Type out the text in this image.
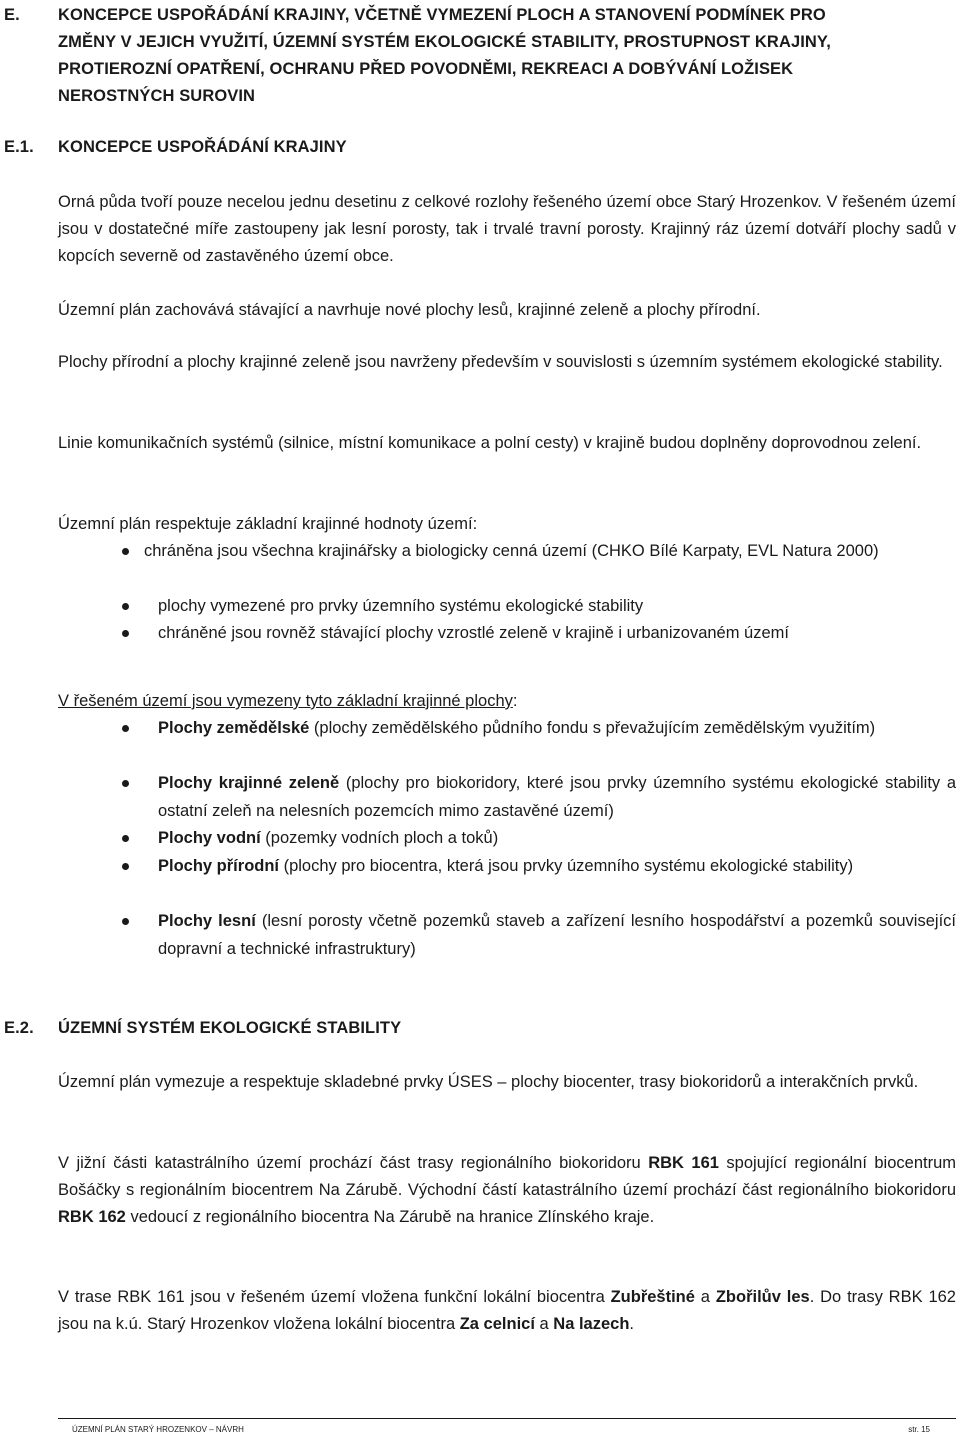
E. KONCEPCE USPOŘÁDÁNÍ KRAJINY, VČETNĚ VYMEZENÍ PLOCH A STANOVENÍ PODMÍNEK PRO
ZMĚNY V JEJICH VYUŽITÍ, ÚZEMNÍ SYSTÉM EKOLOGICKÉ STABILITY, PROSTUPNOST KRAJINY,
PROTIEROZNÍ OPATŘENÍ, OCHRANU PŘED POVODNĚMI, REKREACI A DOBÝVÁNÍ LOŽISEK
NEROSTNÝCH SUROVIN
E.1. KONCEPCE USPOŘÁDÁNÍ KRAJINY
Orná půda tvoří pouze necelou jednu desetinu z celkové rozlohy řešeného území obce Starý Hrozenkov. V řešeném území jsou v dostatečné míře zastoupeny jak lesní porosty, tak i trvalé travní porosty. Krajinný ráz území dotváří plochy sadů v kopcích severně od zastavěného území obce.
Územní plán zachovává stávající a navrhuje nové plochy lesů, krajinné zeleně a plochy přírodní.
Plochy přírodní a plochy krajinné zeleně jsou navrženy především v souvislosti s územním systémem ekologické stability.
Linie komunikačních systémů (silnice, místní komunikace a polní cesty) v krajině budou doplněny doprovodnou zelení.
Územní plán respektuje základní krajinné hodnoty území:
chráněna jsou všechna krajinářsky a biologicky cenná území (CHKO Bílé Karpaty, EVL Natura 2000)
plochy vymezené pro prvky územního systému ekologické stability
chráněné jsou rovněž stávající plochy vzrostlé zeleně v krajině i urbanizovaném území
V řešeném území jsou vymezeny tyto základní krajinné plochy:
Plochy zemědělské (plochy zemědělského půdního fondu s převažujícím zemědělským využitím)
Plochy krajinné zeleně (plochy pro biokoridory, které jsou prvky územního systému ekologické stability a ostatní zeleň na nelesních pozemcích mimo zastavěné území)
Plochy vodní (pozemky vodních ploch a toků)
Plochy přírodní (plochy pro biocentra, která jsou prvky územního systému ekologické stability)
Plochy lesní (lesní porosty včetně pozemků staveb a zařízení lesního hospodářství a pozemků související dopravní a technické infrastruktury)
E.2. ÚZEMNÍ SYSTÉM EKOLOGICKÉ STABILITY
Územní plán vymezuje a respektuje skladebné prvky ÚSES – plochy biocenter, trasy biokoridorů a interakčních prvků.
V jižní části katastrálního území prochází část trasy regionálního biokoridoru RBK 161 spojující regionální biocentrum Bošáčky s regionálním biocentrem Na Zárubě. Východní částí katastrálního území prochází část regionálního biokoridoru RBK 162 vedoucí z regionálního biocentra Na Zárubě na hranice Zlínského kraje.
V trase RBK 161 jsou v řešeném území vložena funkční lokální biocentra Zubřeštiné a Zbořilův les. Do trasy RBK 162 jsou na k.ú. Starý Hrozenkov vložena lokální biocentra Za celnicí a Na lazech.
ÚZEMNÍ PLÁN STARÝ HROZENKOV – NÁVRH	str. 15
